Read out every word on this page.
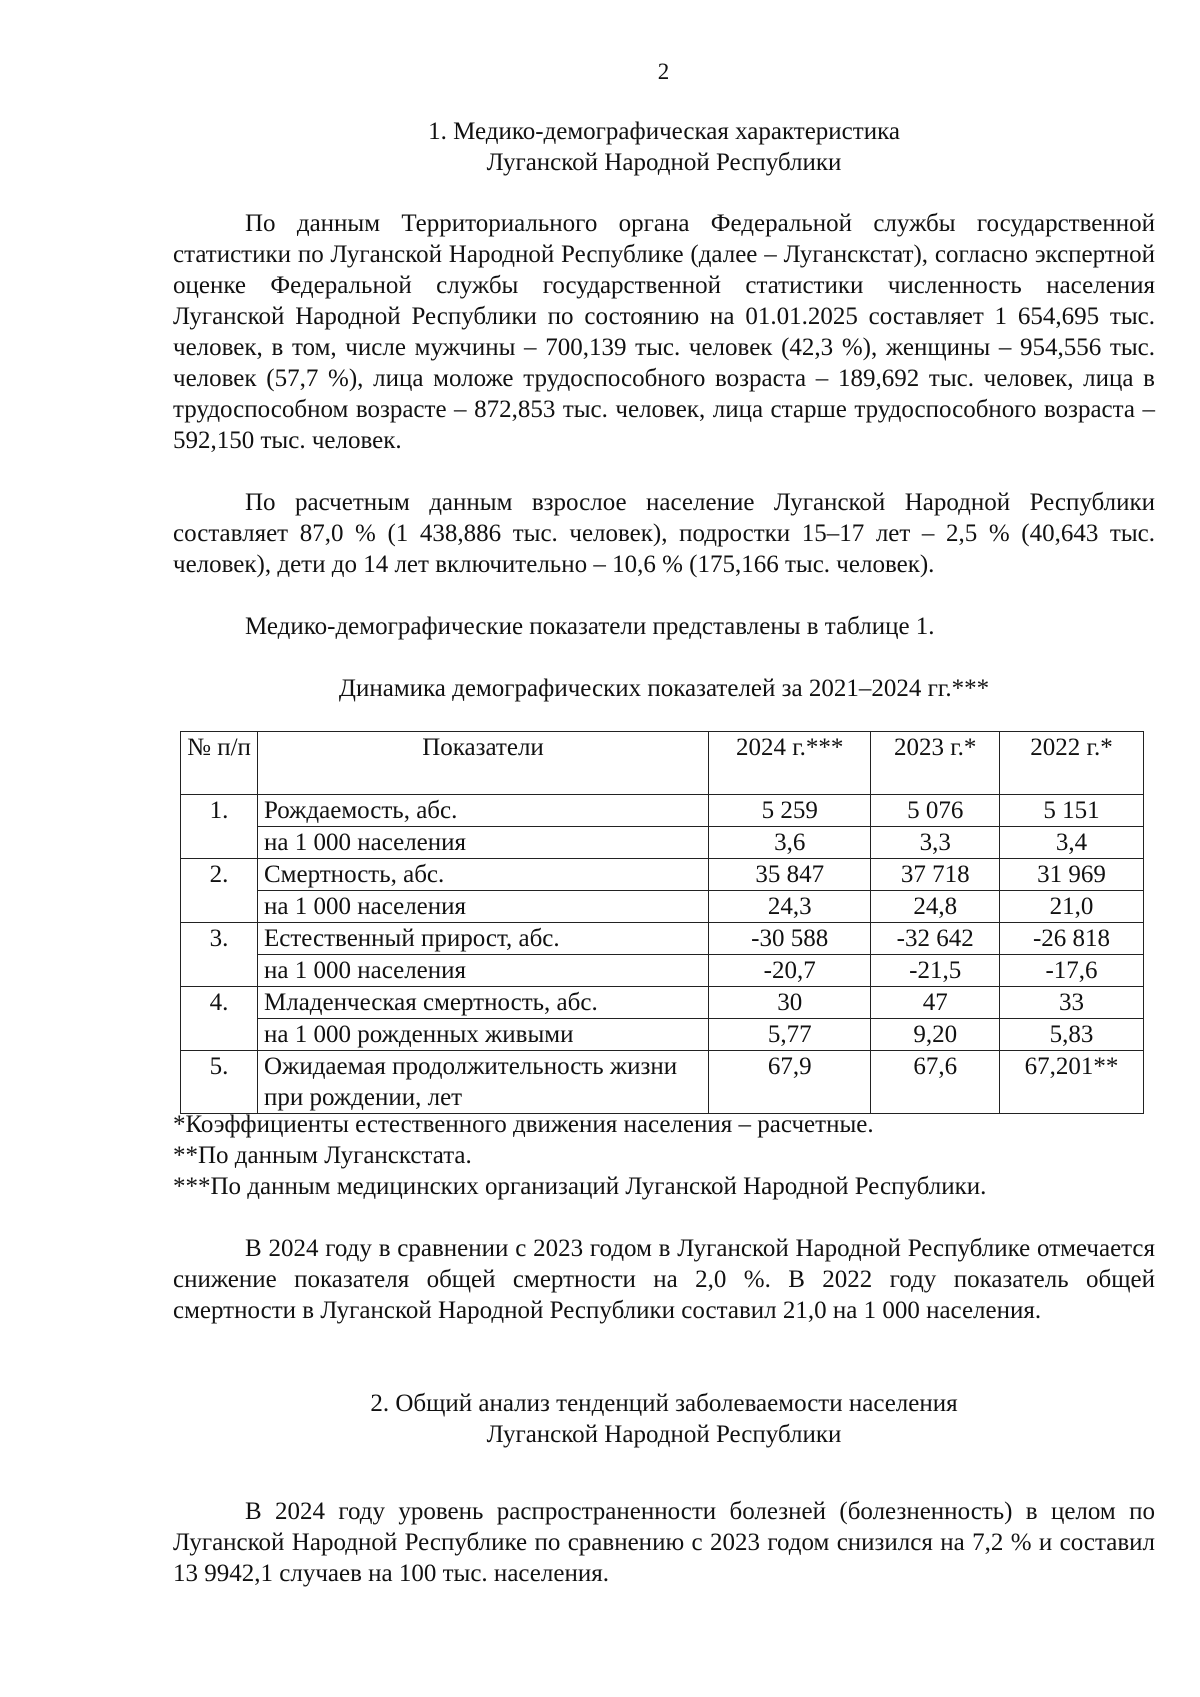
2
1. Медико-демографическая характеристика
Луганской Народной Республики
По данным Территориального органа Федеральной службы государственной статистики по Луганской Народной Республике (далее – Луганскстат), согласно экспертной оценке Федеральной службы государственной статистики численность населения Луганской Народной Республики по состоянию на 01.01.2025 составляет 1 654,695 тыс. человек, в том, числе мужчины – 700,139 тыс. человек (42,3 %), женщины – 954,556 тыс. человек (57,7 %), лица моложе трудоспособного возраста – 189,692 тыс. человек, лица в трудоспособном возрасте – 872,853 тыс. человек, лица старше трудоспособного возраста – 592,150 тыс. человек.
По расчетным данным взрослое население Луганской Народной Республики составляет 87,0 % (1 438,886 тыс. человек), подростки 15–17 лет – 2,5 % (40,643 тыс. человек), дети до 14 лет включительно – 10,6 % (175,166 тыс. человек).
Медико-демографические показатели представлены в таблице 1.
Динамика демографических показателей за 2021–2024 гг.***
№ п/п	Показатели	2024 г.***	2023 г.*	2022 г.*
1.	Рождаемость, абс.	5 259	5 076	5 151
	на 1 000 населения	3,6	3,3	3,4
2.	Смертность, абс.	35 847	37 718	31 969
	на 1 000 населения	24,3	24,8	21,0
3.	Естественный прирост, абс.	-30 588	-32 642	-26 818
	на 1 000 населения	-20,7	-21,5	-17,6
4.	Младенческая смертность, абс.	30	47	33
	на 1 000 рожденных живыми	5,77	9,20	5,83
5.	Ожидаемая продолжительность жизни при рождении, лет	67,9	67,6	67,201**
*Коэффициенты естественного движения населения – расчетные.
**По данным Луганскстата.
***По данным медицинских организаций Луганской Народной Республики.
В 2024 году в сравнении с 2023 годом в Луганской Народной Республике отмечается снижение показателя общей смертности на 2,0 %. В 2022 году показатель общей смертности в Луганской Народной Республики составил 21,0 на 1 000 населения.
2. Общий анализ тенденций заболеваемости населения
Луганской Народной Республики
В 2024 году уровень распространенности болезней (болезненность) в целом по Луганской Народной Республике по сравнению с 2023 годом снизился на 7,2 % и составил 13 9942,1 случаев на 100 тыс. населения.
